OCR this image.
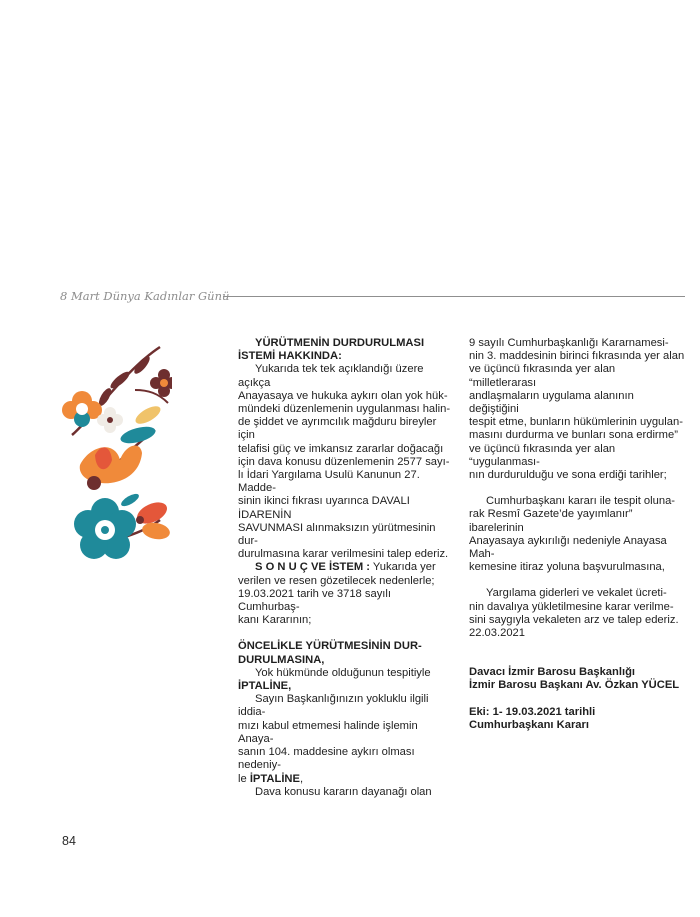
8 Mart Dünya Kadınlar Günü

YÜRÜTMENİN DURDURULMASI

İSTEMİ HAKKINDA:

Yukarıda tek tek açıklandığı üzere açıkça

Anayasaya ve hukuka aykırı olan yok hük-

mündeki düzenlemenin uygulanması halin-

de şiddet ve ayrımcılık mağduru bireyler için

telafisi güç ve imkansız zararlar doğacağı

için dava konusu düzenlemenin 2577 sayı-

lı İdari Yargılama Usulü Kanunun 27. Madde-

sinin ikinci fıkrası uyarınca DAVALI İDARENİN

SAVUNMASI alınmaksızın yürütmesinin dur-

durulmasına karar verilmesini talep ederiz.

S O N U Ç VE İSTEM : Yukarıda yer

verilen ve resen gözetilecek nedenlerle;

19.03.2021 tarih ve 3718 sayılı Cumhurbaş-

kanı Kararının;

ÖNCELİKLE YÜRÜTMESİNİN DUR-

DURULMASINA,

Yok hükmünde olduğunun tespitiyle

İPTALİNE,

Sayın Başkanlığınızın yokluklu ilgili iddia-

mızı kabul etmemesi halinde işlemin Anaya-

sanın 104. maddesine aykırı olması nedeniy-

le İPTALİNE,

Dava konusu kararın dayanağı olan

9 sayılı Cumhurbaşkanlığı Kararnamesi-

nin 3. maddesinin birinci fıkrasında yer alan

ve üçüncü fıkrasında yer alan “milletlerarası

andlaşmaların uygulama alanının değiştiğini

tespit etme, bunların hükümlerinin uygulan-

masını durdurma ve bunları sona erdirme”

ve üçüncü fıkrasında yer alan “uygulanması-

nın durdurulduğu ve sona erdiği tarihler;

Cumhurbaşkanı kararı ile tespit oluna-

rak Resmî Gazete’de yayımlanır” ibarelerinin

Anayasaya aykırılığı nedeniyle Anayasa Mah-

kemesine itiraz yoluna başvurulmasına,

Yargılama giderleri ve vekalet ücreti-

nin davalıya yükletilmesine karar verilme-

sini saygıyla vekaleten arz ve talep ederiz.

22.03.2021

Davacı İzmir Barosu Başkanlığı

İzmir Barosu Başkanı Av. Özkan YÜCEL

Eki: 1- 19.03.2021 tarihli

Cumhurbaşkanı Kararı

84
